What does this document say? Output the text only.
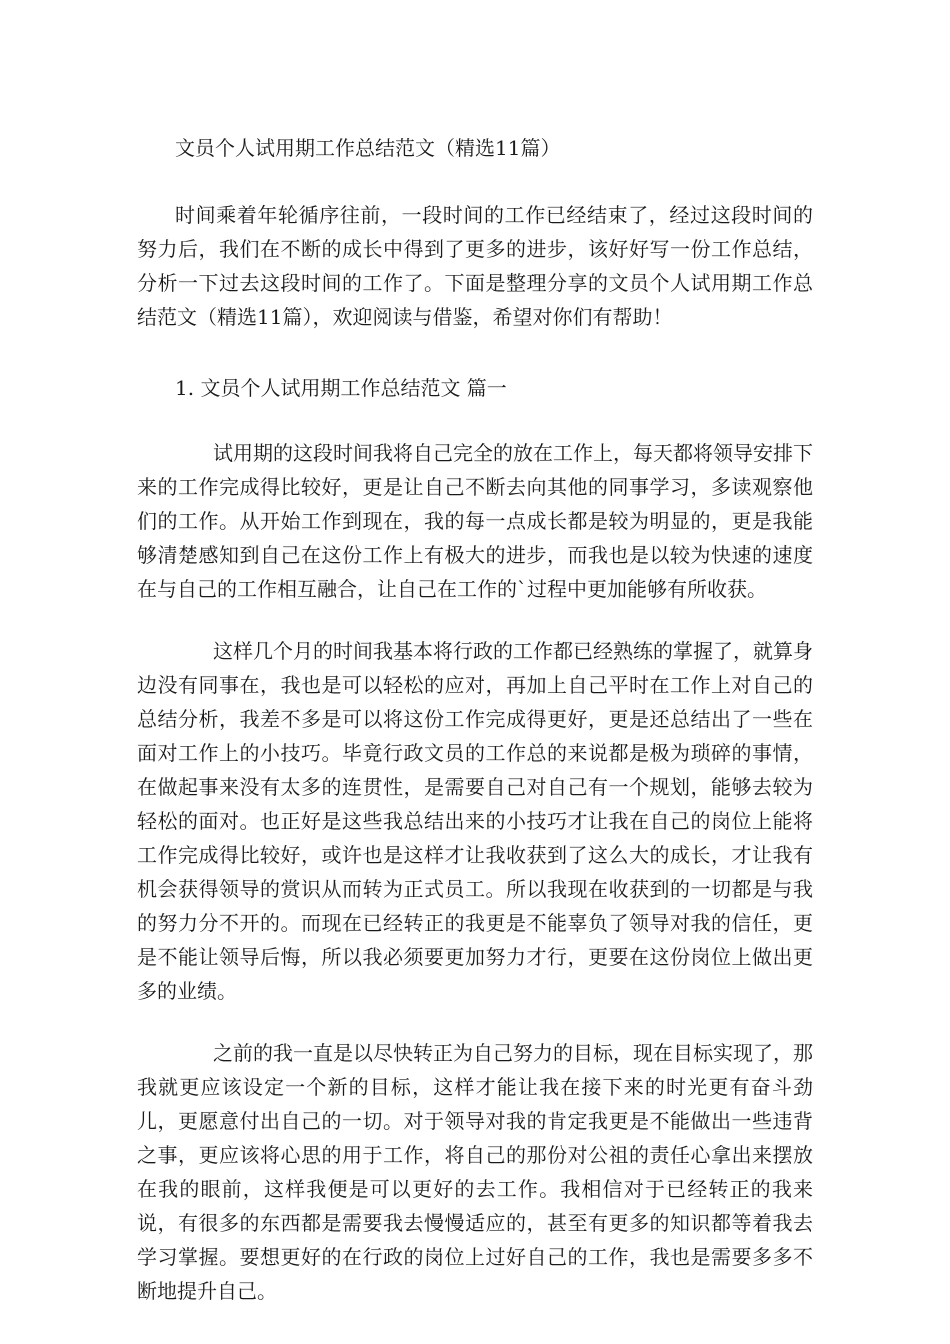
文员个人试用期工作总结范文（精选11篇）

时间乘着年轮循序往前，一段时间的工作已经结束了，经过这段时间的努力后，我们在不断的成长中得到了更多的进步，该好好写一份工作总结，分析一下过去这段时间的工作了。下面是整理分享的文员个人试用期工作总结范文（精选11篇），欢迎阅读与借鉴，希望对你们有帮助！

1. 文员个人试用期工作总结范文 篇一

试用期的这段时间我将自己完全的放在工作上，每天都将领导安排下来的工作完成得比较好，更是让自己不断去向其他的同事学习，多读观察他们的工作。从开始工作到现在，我的每一点成长都是较为明显的，更是我能够清楚感知到自己在这份工作上有极大的进步，而我也是以较为快速的速度在与自己的工作相互融合，让自己在工作的`过程中更加能够有所收获。

这样几个月的时间我基本将行政的工作都已经熟练的掌握了，就算身边没有同事在，我也是可以轻松的应对，再加上自己平时在工作上对自己的总结分析，我差不多是可以将这份工作完成得更好，更是还总结出了一些在面对工作上的小技巧。毕竟行政文员的工作总的来说都是极为琐碎的事情，在做起事来没有太多的连贯性，是需要自己对自己有一个规划，能够去较为轻松的面对。也正好是这些我总结出来的小技巧才让我在自己的岗位上能将工作完成得比较好，或许也是这样才让我收获到了这么大的成长，才让我有机会获得领导的赏识从而转为正式员工。所以我现在收获到的一切都是与我的努力分不开的。而现在已经转正的我更是不能辜负了领导对我的信任，更是不能让领导后悔，所以我必须要更加努力才行，更要在这份岗位上做出更多的业绩。

之前的我一直是以尽快转正为自己努力的目标，现在目标实现了，那我就更应该设定一个新的目标，这样才能让我在接下来的时光更有奋斗劲儿，更愿意付出自己的一切。对于领导对我的肯定我更是不能做出一些违背之事，更应该将心思的用于工作，将自己的那份对公祖的责任心拿出来摆放在我的眼前，这样我便是可以更好的去工作。我相信对于已经转正的我来说，有很多的东西都是需要我去慢慢适应的，甚至有更多的知识都等着我去学习掌握。要想更好的在行政的岗位上过好自己的工作，我也是需要多多不断地提升自己。
